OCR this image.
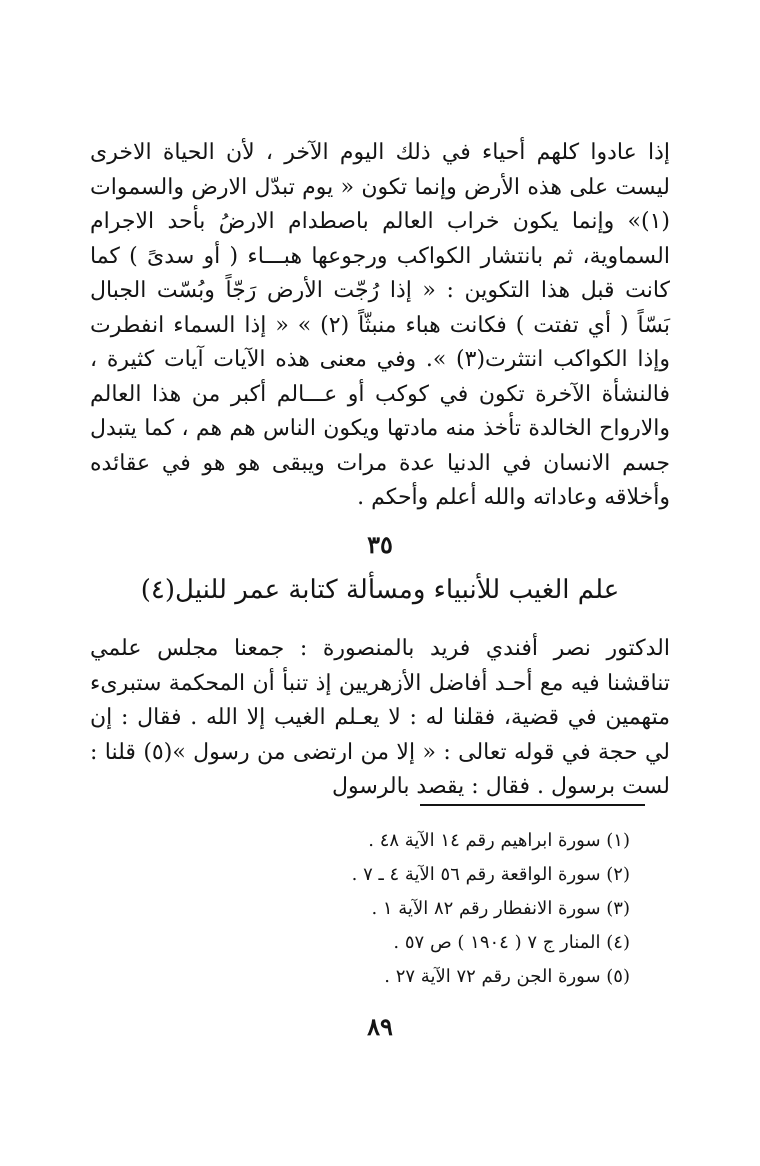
إذا عادوا كلهم أحياء في ذلك اليوم الآخر ، لأن الحياة الاخرى ليست على هذه الأرض وإنما تكون « يوم تبدّل الارض والسموات (١)» وإنما يكون خراب العالم باصطدام الارضُ بأحد الاجرام السماوية، ثم بانتشار الكواكب ورجوعها هبـــاء ( أو سدىً ) كما كانت قبل هذا التكوين : « إذا رُجّت الأرض رَجّاً وبُسّت الجبال بَسّاً ( أي تفتت ) فكانت هباء منبثّاً (٢) » « إذا السماء انفطرت وإذا الكواكب انتثرت(٣) ». وفي معنى هذه الآيات آيات كثيرة ، فالنشأة الآخرة تكون في كوكب أو عـــالم أكبر من هذا العالم والارواح الخالدة تأخذ منه مادتها ويكون الناس هم هم ، كما يتبدل جسم الانسان في الدنيا عدة مرات ويبقى هو هو في عقائده وأخلاقه وعاداته والله أعلم وأحكم .

٣٥
علم الغيب للأنبياء ومسألة كتابة عمر للنيل(٤)

الدكتور نصر أفندي فريد بالمنصورة : جمعنا مجلس علمي تناقشنا فيه مع أحـد أفاضل الأزهريين إذ تنبأ أن المحكمة ستبرىء متهمين في قضية، فقلنا له : لا يعـلم الغيب إلا الله . فقال : إن لي حجة في قوله تعالى : « إلا من ارتضى من رسول »(٥) قلنا : لست برسول . فقال : يقصد بالرسول

(١) سورة ابراهيم رقم ١٤ الآية ٤٨ .
(٢) سورة الواقعة رقم ٥٦ الآية ٤ ـ ٧ .
(٣) سورة الانفطار رقم ٨٢ الآية ١ .
(٤) المنار ج ٧ ( ١٩٠٤ ) ص ٥٧ .
(٥) سورة الجن رقم ٧٢ الآية ٢٧ .
٨٩
